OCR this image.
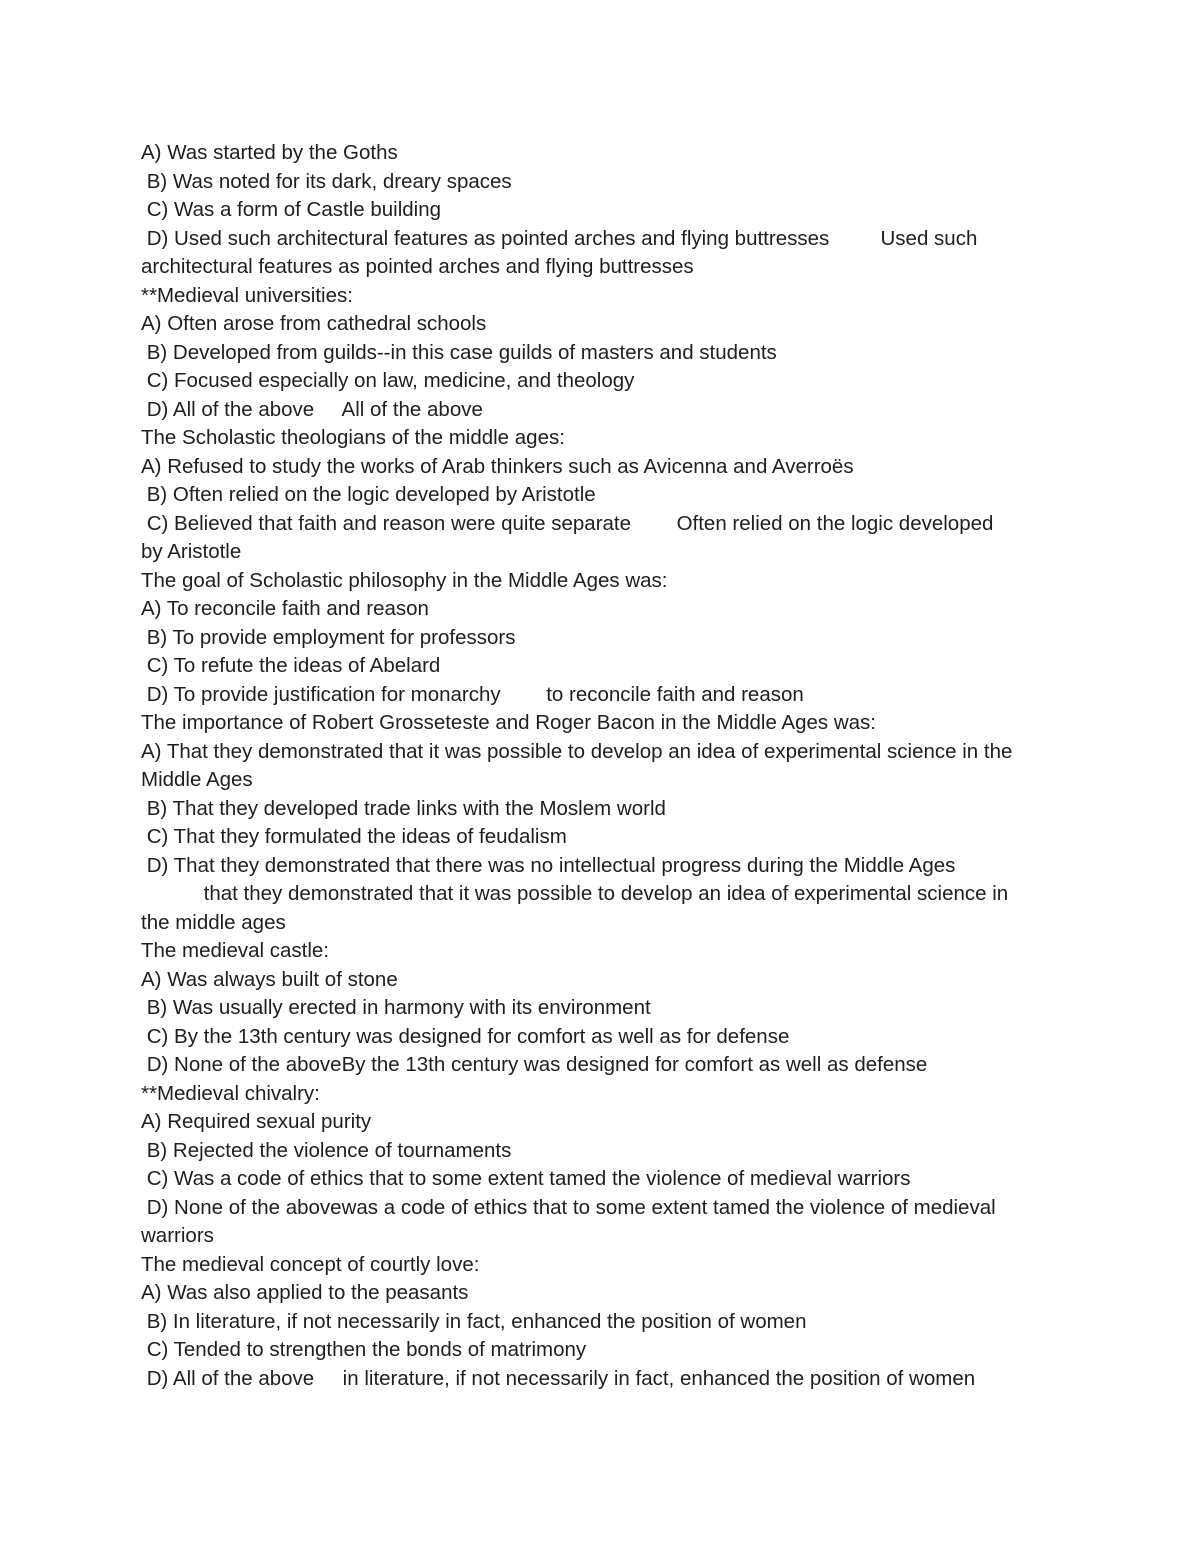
A) Was started by the Goths
B) Was noted for its dark, dreary spaces
C) Was a form of Castle building
D) Used such architectural features as pointed arches and flying buttresses         Used such
architectural features as pointed arches and flying buttresses
**Medieval universities:
A) Often arose from cathedral schools
B) Developed from guilds--in this case guilds of masters and students
C) Focused especially on law, medicine, and theology
D) All of the above     All of the above
The Scholastic theologians of the middle ages:
A) Refused to study the works of Arab thinkers such as Avicenna and Averroës
B) Often relied on the logic developed by Aristotle
C) Believed that faith and reason were quite separate        Often relied on the logic developed
by Aristotle
The goal of Scholastic philosophy in the Middle Ages was:
A) To reconcile faith and reason
B) To provide employment for professors
C) To refute the ideas of Abelard
D) To provide justification for monarchy        to reconcile faith and reason
The importance of Robert Grosseteste and Roger Bacon in the Middle Ages was:
A) That they demonstrated that it was possible to develop an idea of experimental science in the
Middle Ages
B) That they developed trade links with the Moslem world
C) That they formulated the ideas of feudalism
D) That they demonstrated that there was no intellectual progress during the Middle Ages
that they demonstrated that it was possible to develop an idea of experimental science in
the middle ages
The medieval castle:
A) Was always built of stone
B) Was usually erected in harmony with its environment
C) By the 13th century was designed for comfort as well as for defense
D) None of the aboveBy the 13th century was designed for comfort as well as defense
**Medieval chivalry:
A) Required sexual purity
B) Rejected the violence of tournaments
C) Was a code of ethics that to some extent tamed the violence of medieval warriors
D) None of the abovewas a code of ethics that to some extent tamed the violence of medieval
warriors
The medieval concept of courtly love:
A) Was also applied to the peasants
B) In literature, if not necessarily in fact, enhanced the position of women
C) Tended to strengthen the bonds of matrimony
D) All of the above     in literature, if not necessarily in fact, enhanced the position of women
